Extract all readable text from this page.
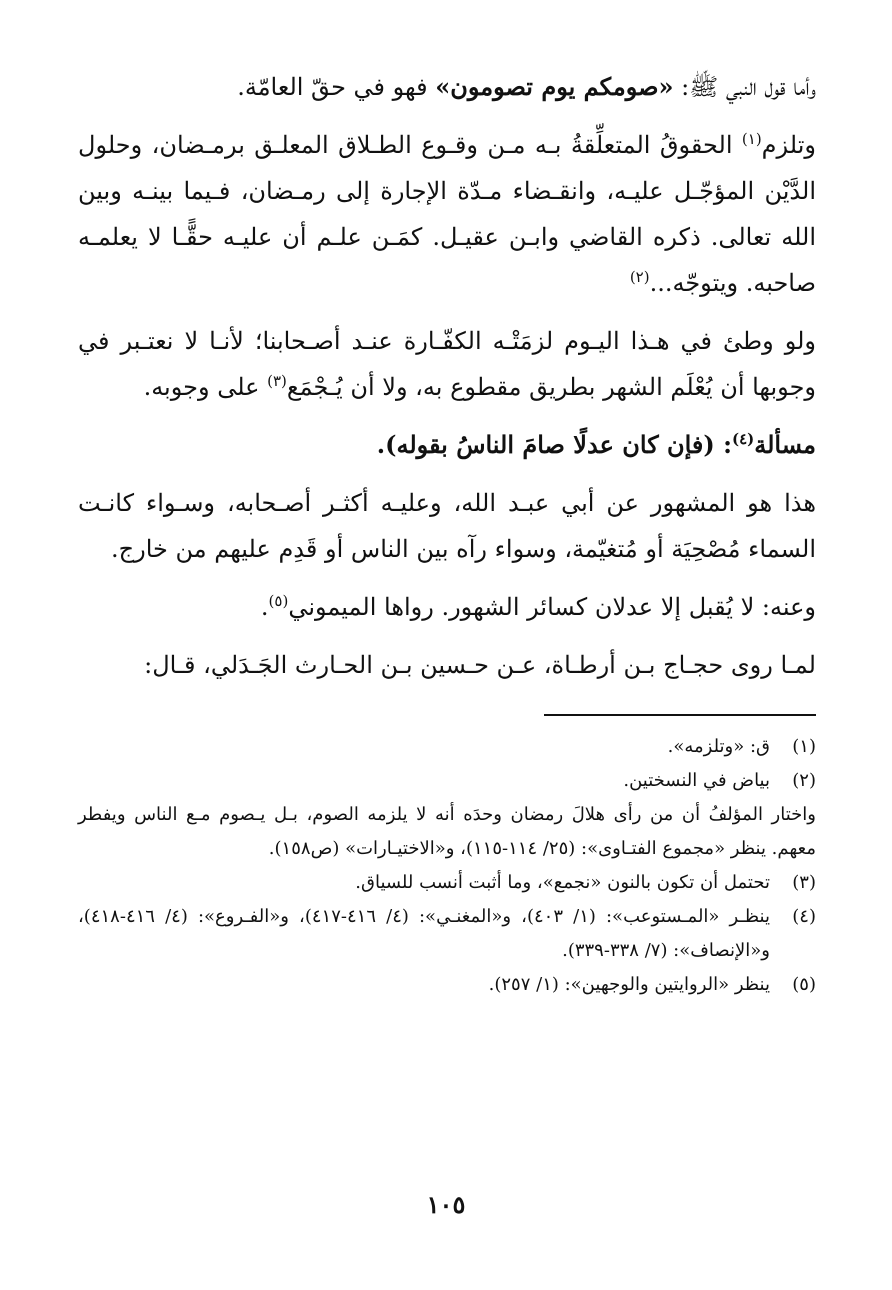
وأما قول النبي ﷺ: «صومكم يوم تصومون» فهو في حقّ العامّة.

وتلزم$^{(١)}$ الحقوقُ المتعلِّقةُ بـه مـن وقـوع الطـلاق المعلـق برمـضان، وحلول الدَّيْن المؤجّـل عليـه، وانقـضاء مـدّة الإجارة إلى رمـضان، فـيما بينـه وبين الله تعالى. ذكره القاضي وابـن عقيـل. كمَـن علـم أن عليـه حقًّـا لا يعلمـه صاحبه. ويتوجّه...$^{(٢)}$

ولو وطئ في هـذا اليـوم لزمَتْـه الكفّـارة عنـد أصـحابنا؛ لأنـا لا نعتـبر في وجوبها أن يُعْلَم الشهر بطريق مقطوع به، ولا أن يُـجْمَع$^{(٣)}$ على وجوبه.

مسألة$^{(٤)}$: (فإن كان عدلًا صامَ الناسُ بقوله).

هذا هو المشهور عن أبي عبـد الله، وعليـه أكثـر أصـحابه، وسـواء كانـت السماء مُصْحِيَة أو مُتغيّمة، وسواء رآه بين الناس أو قَدِم عليهم من خارج.

وعنه: لا يُقبل إلا عدلان كسائر الشهور. رواها الميموني$^{(٥)}$.

لمـا روى حجـاج بـن أرطـاة، عـن حـسين بـن الحـارث الجَـدَلي، قـال:

(١)
ق: «وتلزمه».
(٢)
بياض في النسختين.
واختار المؤلفُ أن من رأى هلالَ رمضان وحدَه أنه لا يلزمه الصوم، بـل يـصوم مـع الناس ويفطر معهم. ينظر «مجموع الفتـاوى»: (٢٥/ ١١٤-١١٥)، و«الاختيـارات» (ص١٥٨).
(٣)
تحتمل أن تكون بالنون «نجمع»، وما أثبت أنسب للسياق.
(٤)
ينظـر «المـستوعب»: (١/ ٤٠٣)، و«المغنـي»: (٤/ ٤١٦-٤١٧)، و«الفـروع»: (٤/ ٤١٦-٤١٨)، و«الإنصاف»: (٧/ ٣٣٨-٣٣٩).
(٥)
ينظر «الروايتين والوجهين»: (١/ ٢٥٧).
١٠٥
